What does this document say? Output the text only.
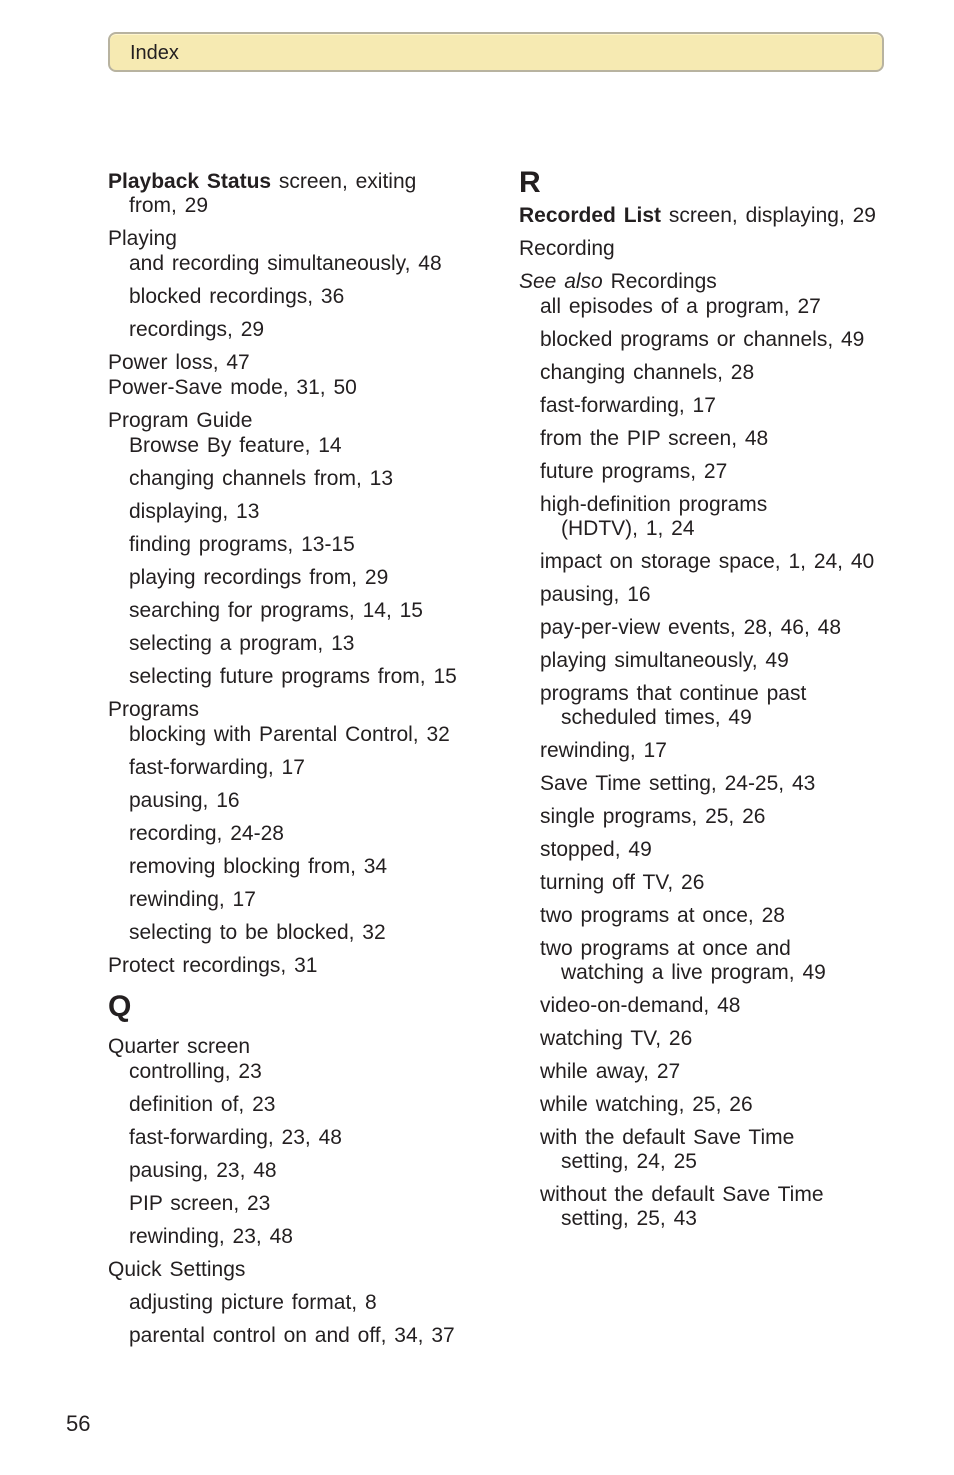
Index
Playback Status screen, exiting
from, 29
Playing
and recording simultaneously, 48
blocked recordings, 36
recordings, 29
Power loss, 47
Power-Save mode, 31, 50
Program Guide
Browse By feature, 14
changing channels from, 13
displaying, 13
finding programs, 13-15
playing recordings from, 29
searching for programs, 14, 15
selecting a program, 13
selecting future programs from, 15
Programs
blocking with Parental Control, 32
fast-forwarding, 17
pausing, 16
recording, 24-28
removing blocking from, 34
rewinding, 17
selecting to be blocked, 32
Protect recordings, 31
Q
Quarter screen
controlling, 23
definition of, 23
fast-forwarding, 23, 48
pausing, 23, 48
PIP screen, 23
rewinding, 23, 48
Quick Settings
adjusting picture format, 8
parental control on and off, 34, 37
R
Recorded List screen, displaying, 29
Recording
See also Recordings
all episodes of a program, 27
blocked programs or channels, 49
changing channels, 28
fast-forwarding, 17
from the PIP screen, 48
future programs, 27
high-definition programs
(HDTV), 1, 24
impact on storage space, 1, 24, 40
pausing, 16
pay-per-view events, 28, 46, 48
playing simultaneously, 49
programs that continue past
scheduled times, 49
rewinding, 17
Save Time setting, 24-25, 43
single programs, 25, 26
stopped, 49
turning off TV, 26
two programs at once, 28
two programs at once and
watching a live program, 49
video-on-demand, 48
watching TV, 26
while away, 27
while watching, 25, 26
with the default Save Time
setting, 24, 25
without the default Save Time
setting, 25, 43
56
